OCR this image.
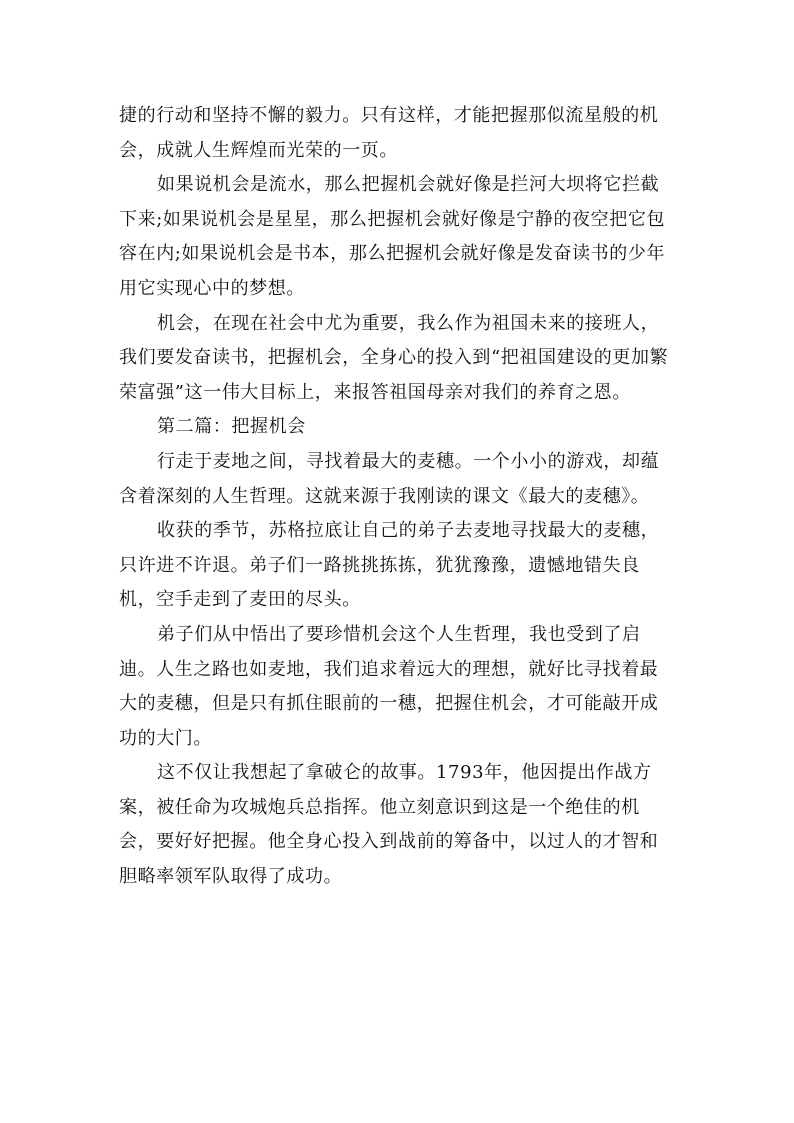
捷的行动和坚持不懈的毅力。只有这样，才能把握那似流星般的机会，成就人生辉煌而光荣的一页。

如果说机会是流水，那么把握机会就好像是拦河大坝将它拦截下来;如果说机会是星星，那么把握机会就好像是宁静的夜空把它包容在内;如果说机会是书本，那么把握机会就好像是发奋读书的少年用它实现心中的梦想。

机会，在现在社会中尤为重要，我么作为祖国未来的接班人，我们要发奋读书，把握机会，全身心的投入到“把祖国建设的更加繁荣富强”这一伟大目标上，来报答祖国母亲对我们的养育之恩。

第二篇：把握机会

行走于麦地之间，寻找着最大的麦穗。一个小小的游戏，却蕴含着深刻的人生哲理。这就来源于我刚读的课文《最大的麦穗》。

收获的季节，苏格拉底让自己的弟子去麦地寻找最大的麦穗，只许进不许退。弟子们一路挑挑拣拣，犹犹豫豫，遗憾地错失良机，空手走到了麦田的尽头。

弟子们从中悟出了要珍惜机会这个人生哲理，我也受到了启迪。人生之路也如麦地，我们追求着远大的理想，就好比寻找着最大的麦穗，但是只有抓住眼前的一穗，把握住机会，才可能敲开成功的大门。

这不仅让我想起了拿破仑的故事。1793年，他因提出作战方案，被任命为攻城炮兵总指挥。他立刻意识到这是一个绝佳的机会，要好好把握。他全身心投入到战前的筹备中，以过人的才智和胆略率领军队取得了成功。
